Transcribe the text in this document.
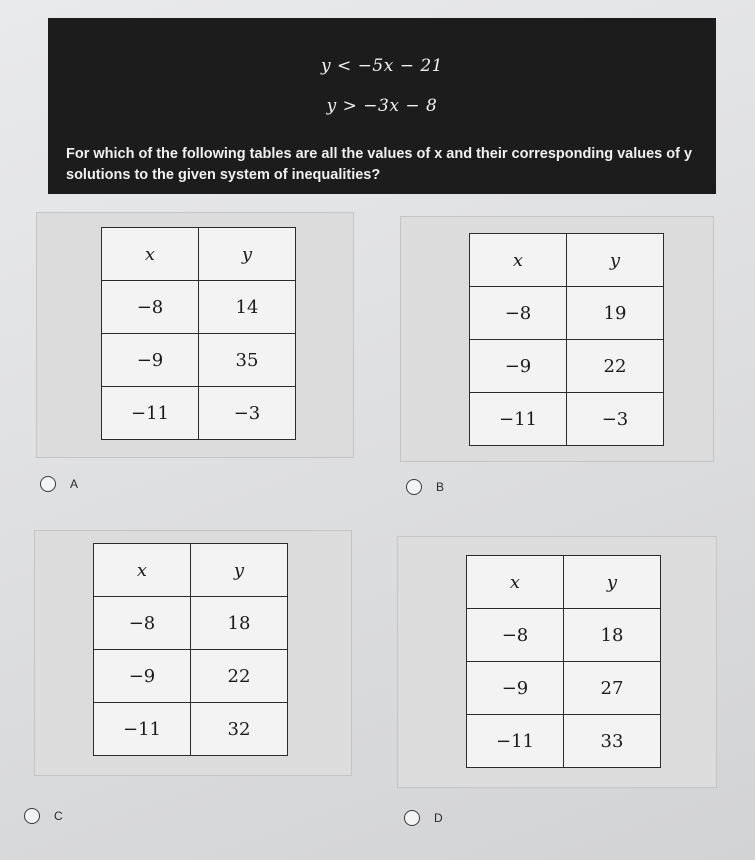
y < −5x − 21
y > −3x − 8
For which of the following tables are all the values of x and their corresponding values of y solutions to the given system of inequalities?
x	y
−8	14
−9	35
−11	−3
A
x	y
−8	19
−9	22
−11	−3
B
x	y
−8	18
−9	22
−11	32
C
x	y
−8	18
−9	27
−11	33
D
